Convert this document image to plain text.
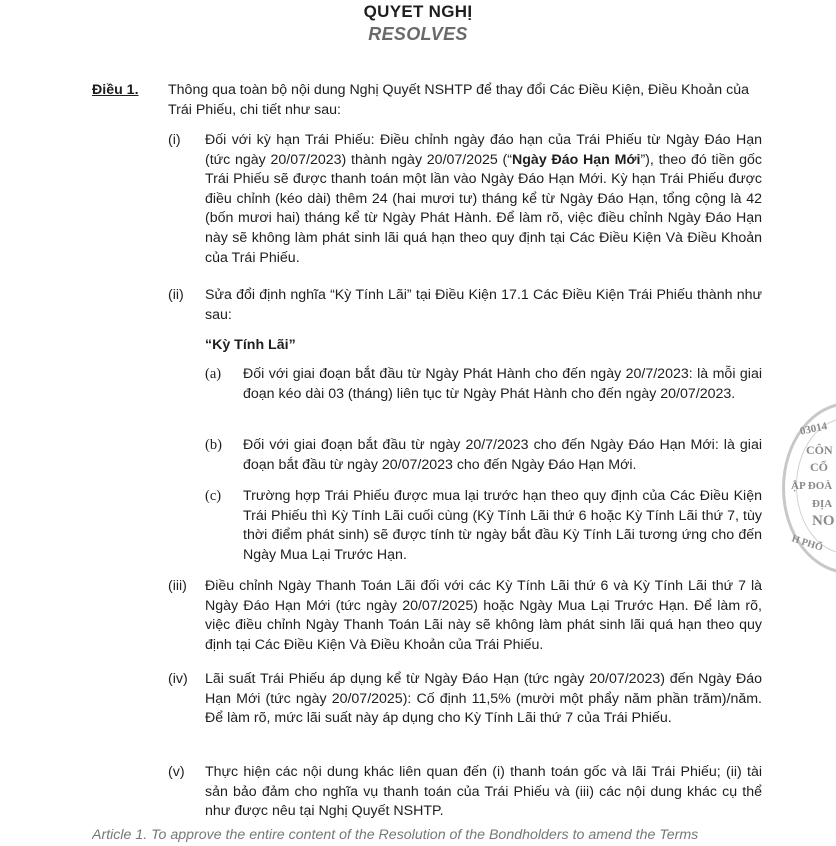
QUYET NGHỊ
RESOLVES
Điều 1. Thông qua toàn bộ nội dung Nghị Quyết NSHTP để thay đổi Các Điều Kiện, Điều Khoản của Trái Phiếu, chi tiết như sau:
(i) Đối với kỳ hạn Trái Phiếu: Điều chỉnh ngày đáo hạn của Trái Phiếu từ Ngày Đáo Hạn (tức ngày 20/07/2023) thành ngày 20/07/2025 (“Ngày Đáo Hạn Mới”), theo đó tiền gốc Trái Phiếu sẽ được thanh toán một lần vào Ngày Đáo Hạn Mới. Kỳ hạn Trái Phiếu được điều chỉnh (kéo dài) thêm 24 (hai mươi tư) tháng kể từ Ngày Đáo Hạn, tổng cộng là 42 (bốn mươi hai) tháng kể từ Ngày Phát Hành. Để làm rõ, việc điều chỉnh Ngày Đáo Hạn này sẽ không làm phát sinh lãi quá hạn theo quy định tại Các Điều Kiện Và Điều Khoản của Trái Phiếu.
(ii) Sửa đổi định nghĩa “Kỳ Tính Lãi” tại Điều Kiện 17.1 Các Điều Kiện Trái Phiếu thành như sau:
“Kỳ Tính Lãi”
(a) Đối với giai đoạn bắt đầu từ Ngày Phát Hành cho đến ngày 20/7/2023: là mỗi giai đoạn kéo dài 03 (tháng) liên tục từ Ngày Phát Hành cho đến ngày 20/07/2023.
(b) Đối với giai đoạn bắt đầu từ ngày 20/7/2023 cho đến Ngày Đáo Hạn Mới: là giai đoạn bắt đầu từ ngày 20/07/2023 cho đến Ngày Đáo Hạn Mới.
(c) Trường hợp Trái Phiếu được mua lại trước hạn theo quy định của Các Điều Kiện Trái Phiếu thì Kỳ Tính Lãi cuối cùng (Kỳ Tính Lãi thứ 6 hoặc Kỳ Tính Lãi thứ 7, tùy thời điểm phát sinh) sẽ được tính từ ngày bắt đầu Kỳ Tính Lãi tương ứng cho đến Ngày Mua Lại Trước Hạn.
(iii) Điều chỉnh Ngày Thanh Toán Lãi đối với các Kỳ Tính Lãi thứ 6 và Kỳ Tính Lãi thứ 7 là Ngày Đáo Hạn Mới (tức ngày 20/07/2025) hoặc Ngày Mua Lại Trước Hạn. Để làm rõ, việc điều chỉnh Ngày Thanh Toán Lãi này sẽ không làm phát sinh lãi quá hạn theo quy định tại Các Điều Kiện Và Điều Khoản của Trái Phiếu.
(iv) Lãi suất Trái Phiếu áp dụng kể từ Ngày Đáo Hạn (tức ngày 20/07/2023) đến Ngày Đáo Hạn Mới (tức ngày 20/07/2025): Cố định 11,5% (mười một phẩy năm phần trăm)/năm. Để làm rõ, mức lãi suất này áp dụng cho Kỳ Tính Lãi thứ 7 của Trái Phiếu.
(v) Thực hiện các nội dung khác liên quan đến (i) thanh toán gốc và lãi Trái Phiếu; (ii) tài sản bảo đảm cho nghĩa vụ thanh toán của Trái Phiếu và (iii) các nội dung khác cụ thể như được nêu tại Nghị Quyết NSHTP.
Article 1. To approve the entire content of the Resolution of the Bondholders to amend the Terms
03014
CÔN
CỔ
ẬP ĐOÀ
ĐỊA
NO
H PHỐ
